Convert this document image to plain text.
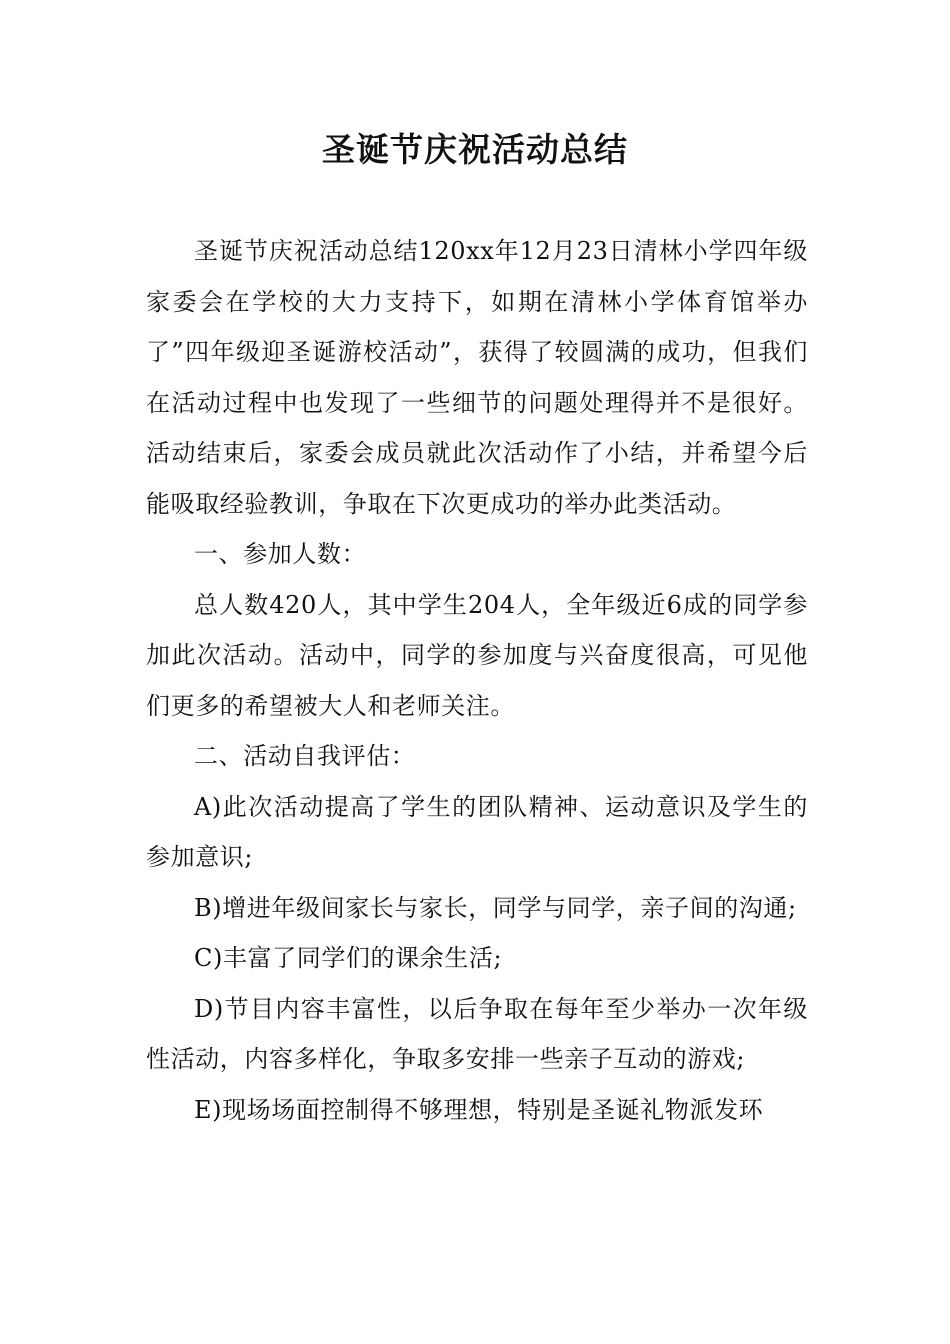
圣诞节庆祝活动总结

圣诞节庆祝活动总结120xx年12月23日清林小学四年级家委会在学校的大力支持下，如期在清林小学体育馆举办了”四年级迎圣诞游校活动”，获得了较圆满的成功，但我们在活动过程中也发现了一些细节的问题处理得并不是很好。活动结束后，家委会成员就此次活动作了小结，并希望今后能吸取经验教训，争取在下次更成功的举办此类活动。

一、参加人数：

总人数420人，其中学生204人，全年级近6成的同学参加此次活动。活动中，同学的参加度与兴奋度很高，可见他们更多的希望被大人和老师关注。

二、活动自我评估：

A)此次活动提高了学生的团队精神、运动意识及学生的参加意识;

B)增进年级间家长与家长，同学与同学，亲子间的沟通;

C)丰富了同学们的课余生活;

D)节目内容丰富性，以后争取在每年至少举办一次年级性活动，内容多样化，争取多安排一些亲子互动的游戏;

E)现场场面控制得不够理想，特别是圣诞礼物派发环
